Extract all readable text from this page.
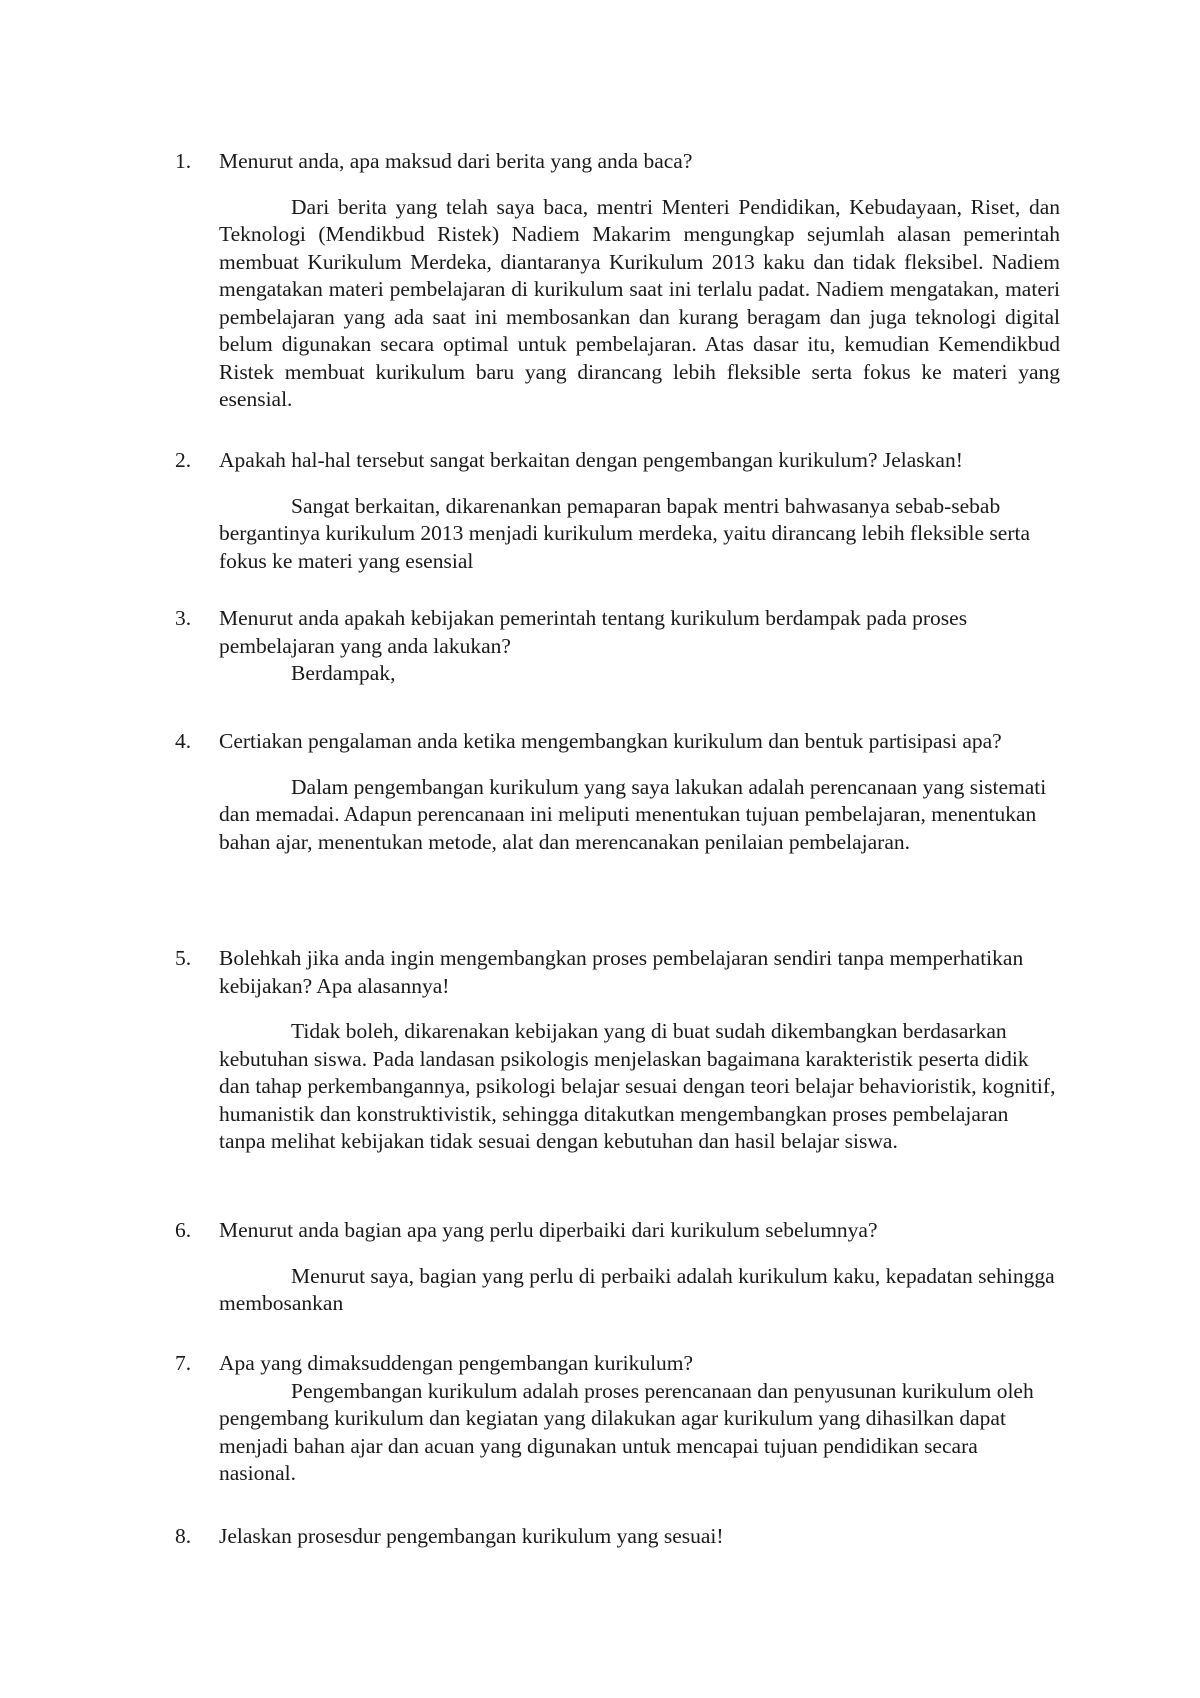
1.	Menurut anda, apa maksud dari berita yang anda baca?

Dari berita yang telah saya baca, mentri Menteri Pendidikan, Kebudayaan, Riset, dan Teknologi (Mendikbud Ristek) Nadiem Makarim mengungkap sejumlah alasan pemerintah membuat Kurikulum Merdeka, diantaranya Kurikulum 2013 kaku dan tidak fleksibel. Nadiem mengatakan materi pembelajaran di kurikulum saat ini terlalu padat. Nadiem mengatakan, materi pembelajaran yang ada saat ini membosankan dan kurang beragam dan juga teknologi digital belum digunakan secara optimal untuk pembelajaran. Atas dasar itu, kemudian Kemendikbud Ristek membuat kurikulum baru yang dirancang lebih fleksible serta fokus ke materi yang esensial.

2.	Apakah hal-hal tersebut sangat berkaitan dengan pengembangan kurikulum? Jelaskan!

Sangat berkaitan, dikarenankan pemaparan bapak mentri bahwasanya sebab-sebab bergantinya kurikulum 2013 menjadi kurikulum merdeka, yaitu dirancang lebih fleksible serta fokus ke materi yang esensial

3.	Menurut anda apakah kebijakan pemerintah tentang kurikulum berdampak pada proses pembelajaran yang anda lakukan?

Berdampak,

4.	Certiakan pengalaman anda ketika mengembangkan kurikulum dan bentuk partisipasi apa?

Dalam pengembangan kurikulum yang saya lakukan adalah perencanaan yang sistemati dan memadai. Adapun perencanaan ini meliputi menentukan tujuan pembelajaran, menentukan bahan ajar, menentukan metode, alat dan merencanakan penilaian pembelajaran.

5.	Bolehkah jika anda ingin mengembangkan proses pembelajaran sendiri tanpa memperhatikan kebijakan? Apa alasannya!

Tidak boleh, dikarenakan kebijakan yang di buat sudah dikembangkan berdasarkan kebutuhan siswa. Pada landasan psikologis menjelaskan bagaimana karakteristik peserta didik dan tahap perkembangannya, psikologi belajar sesuai dengan teori belajar behavioristik, kognitif, humanistik dan konstruktivistik, sehingga ditakutkan mengembangkan proses pembelajaran tanpa melihat kebijakan tidak sesuai dengan kebutuhan dan hasil belajar siswa.

6.	Menurut anda bagian apa yang perlu diperbaiki dari kurikulum sebelumnya?

Menurut saya, bagian yang perlu di perbaiki adalah kurikulum kaku, kepadatan sehingga membosankan

7.	Apa yang dimaksuddengan pengembangan kurikulum?

Pengembangan kurikulum adalah proses perencanaan dan penyusunan kurikulum oleh pengembang kurikulum dan kegiatan yang dilakukan agar kurikulum yang dihasilkan dapat menjadi bahan ajar dan acuan yang digunakan untuk mencapai tujuan pendidikan secara nasional.

8.	Jelaskan prosesdur pengembangan kurikulum yang sesuai!
